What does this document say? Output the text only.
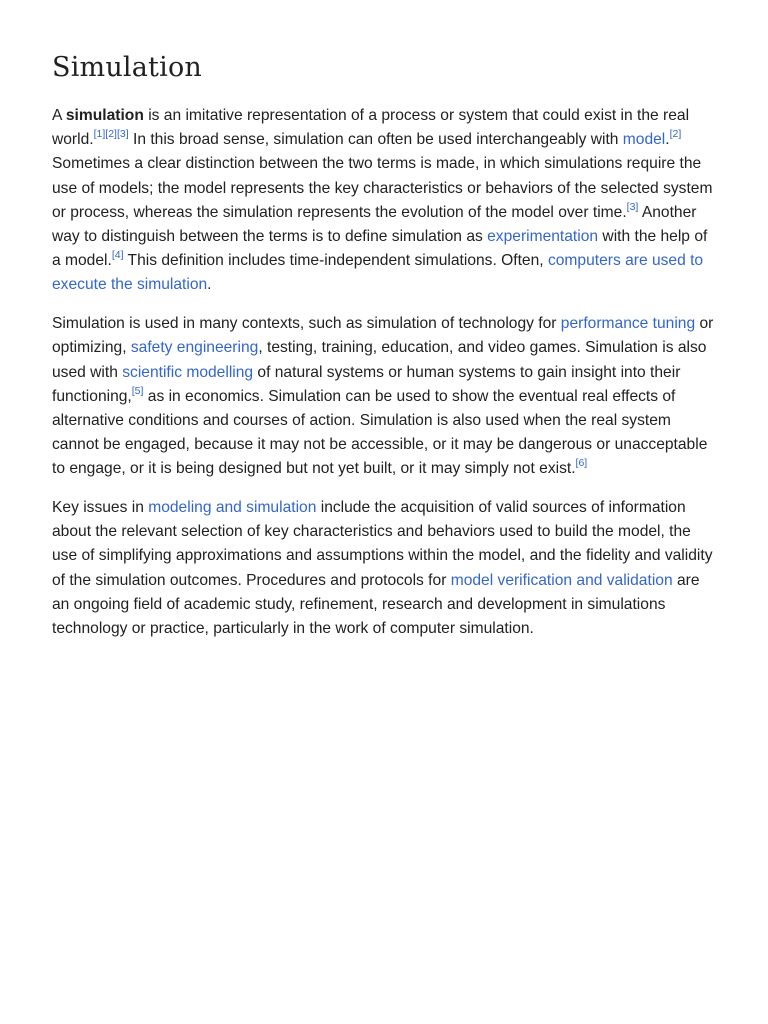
Simulation

A simulation is an imitative representation of a process or system that could exist in the real world.[1][2][3] In this broad sense, simulation can often be used interchangeably with model.[2] Sometimes a clear distinction between the two terms is made, in which simulations require the use of models; the model represents the key characteristics or behaviors of the selected system or process, whereas the simulation represents the evolution of the model over time.[3] Another way to distinguish between the terms is to define simulation as experimentation with the help of a model.[4] This definition includes time-independent simulations. Often, computers are used to execute the simulation.

Simulation is used in many contexts, such as simulation of technology for performance tuning or optimizing, safety engineering, testing, training, education, and video games. Simulation is also used with scientific modelling of natural systems or human systems to gain insight into their functioning,[5] as in economics. Simulation can be used to show the eventual real effects of alternative conditions and courses of action. Simulation is also used when the real system cannot be engaged, because it may not be accessible, or it may be dangerous or unacceptable to engage, or it is being designed but not yet built, or it may simply not exist.[6]

Key issues in modeling and simulation include the acquisition of valid sources of information about the relevant selection of key characteristics and behaviors used to build the model, the use of simplifying approximations and assumptions within the model, and the fidelity and validity of the simulation outcomes. Procedures and protocols for model verification and validation are an ongoing field of academic study, refinement, research and development in simulations technology or practice, particularly in the work of computer simulation.
